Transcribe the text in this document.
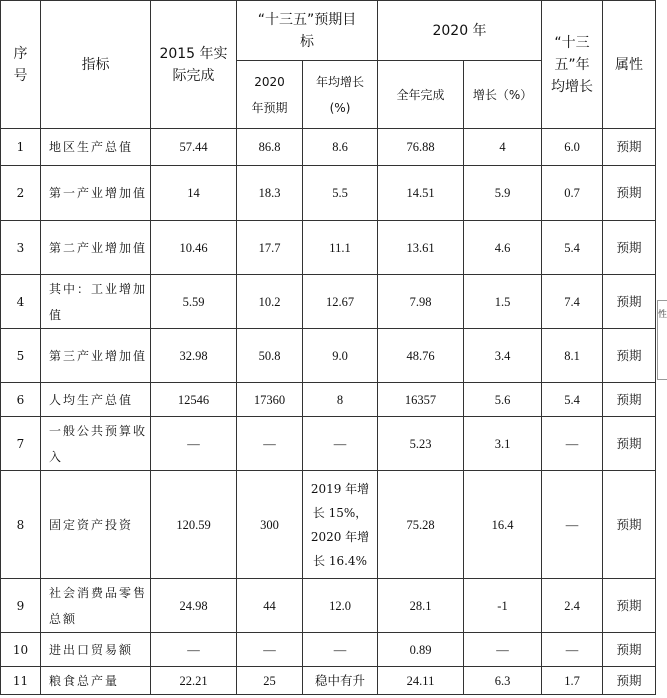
序号	指标	2015 年实际完成	“十三五”预期目标		2020 年		“十三五”年均增长	属性
			2020 年预期	年均增长(%)	全年完成	增长（%）		
1	地区生产总值	57.44	86.8	8.6	76.88	4	6.0	预期
2	第一产业增加值	14	18.3	5.5	14.51	5.9	0.7	预期
3	第二产业增加值	10.46	17.7	11.1	13.61	4.6	5.4	预期
4	其中：工业增加值	5.59	10.2	12.67	7.98	1.5	7.4	预期
5	第三产业增加值	32.98	50.8	9.0	48.76	3.4	8.1	预期
6	人均生产总值	12546	17360	8	16357	5.6	5.4	预期
7	一般公共预算收入	—	—	—	5.23	3.1	—	预期
8	固定资产投资	120.59	300	2019 年增长 15%，2020 年增长 16.4%	75.28	16.4	—	预期
9	社会消费品零售总额	24.98	44	12.0	28.1	-1	2.4	预期
10	进出口贸易额	—	—	—	0.89	—	—	预期
11	粮食总产量	22.21	25	稳中有升	24.11	6.3	1.7	预期
性
